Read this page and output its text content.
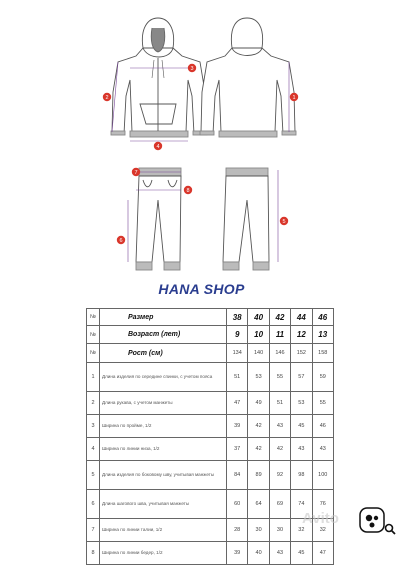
2
3
4
1
7
8
6
5
HANA SHOP
№	Размер	38	40	42	44	46
№	Возраст (лет)	9	10	11	12	13
№	Рост (см)	134	140	146	152	158
1	Длина изделия по середине спинки, с учетом пояса	51	53	55	57	59
2	Длина рукава, с учетом манжеты	47	49	51	53	55
3	Ширина по пройме, 1/2	39	42	43	45	46
4	Ширина по линии низа, 1/2	37	42	42	43	43
5	Длина изделия по боковому шву, учитывая манжеты	84	89	92	98	100
6	Длина шагового шва, учитывая манжеты	60	64	69	74	76
7	Ширина по линии талии, 1/2	28	30	30	32	32
8	Ширина по линии бедер, 1/2	39	40	43	45	47
Avito
